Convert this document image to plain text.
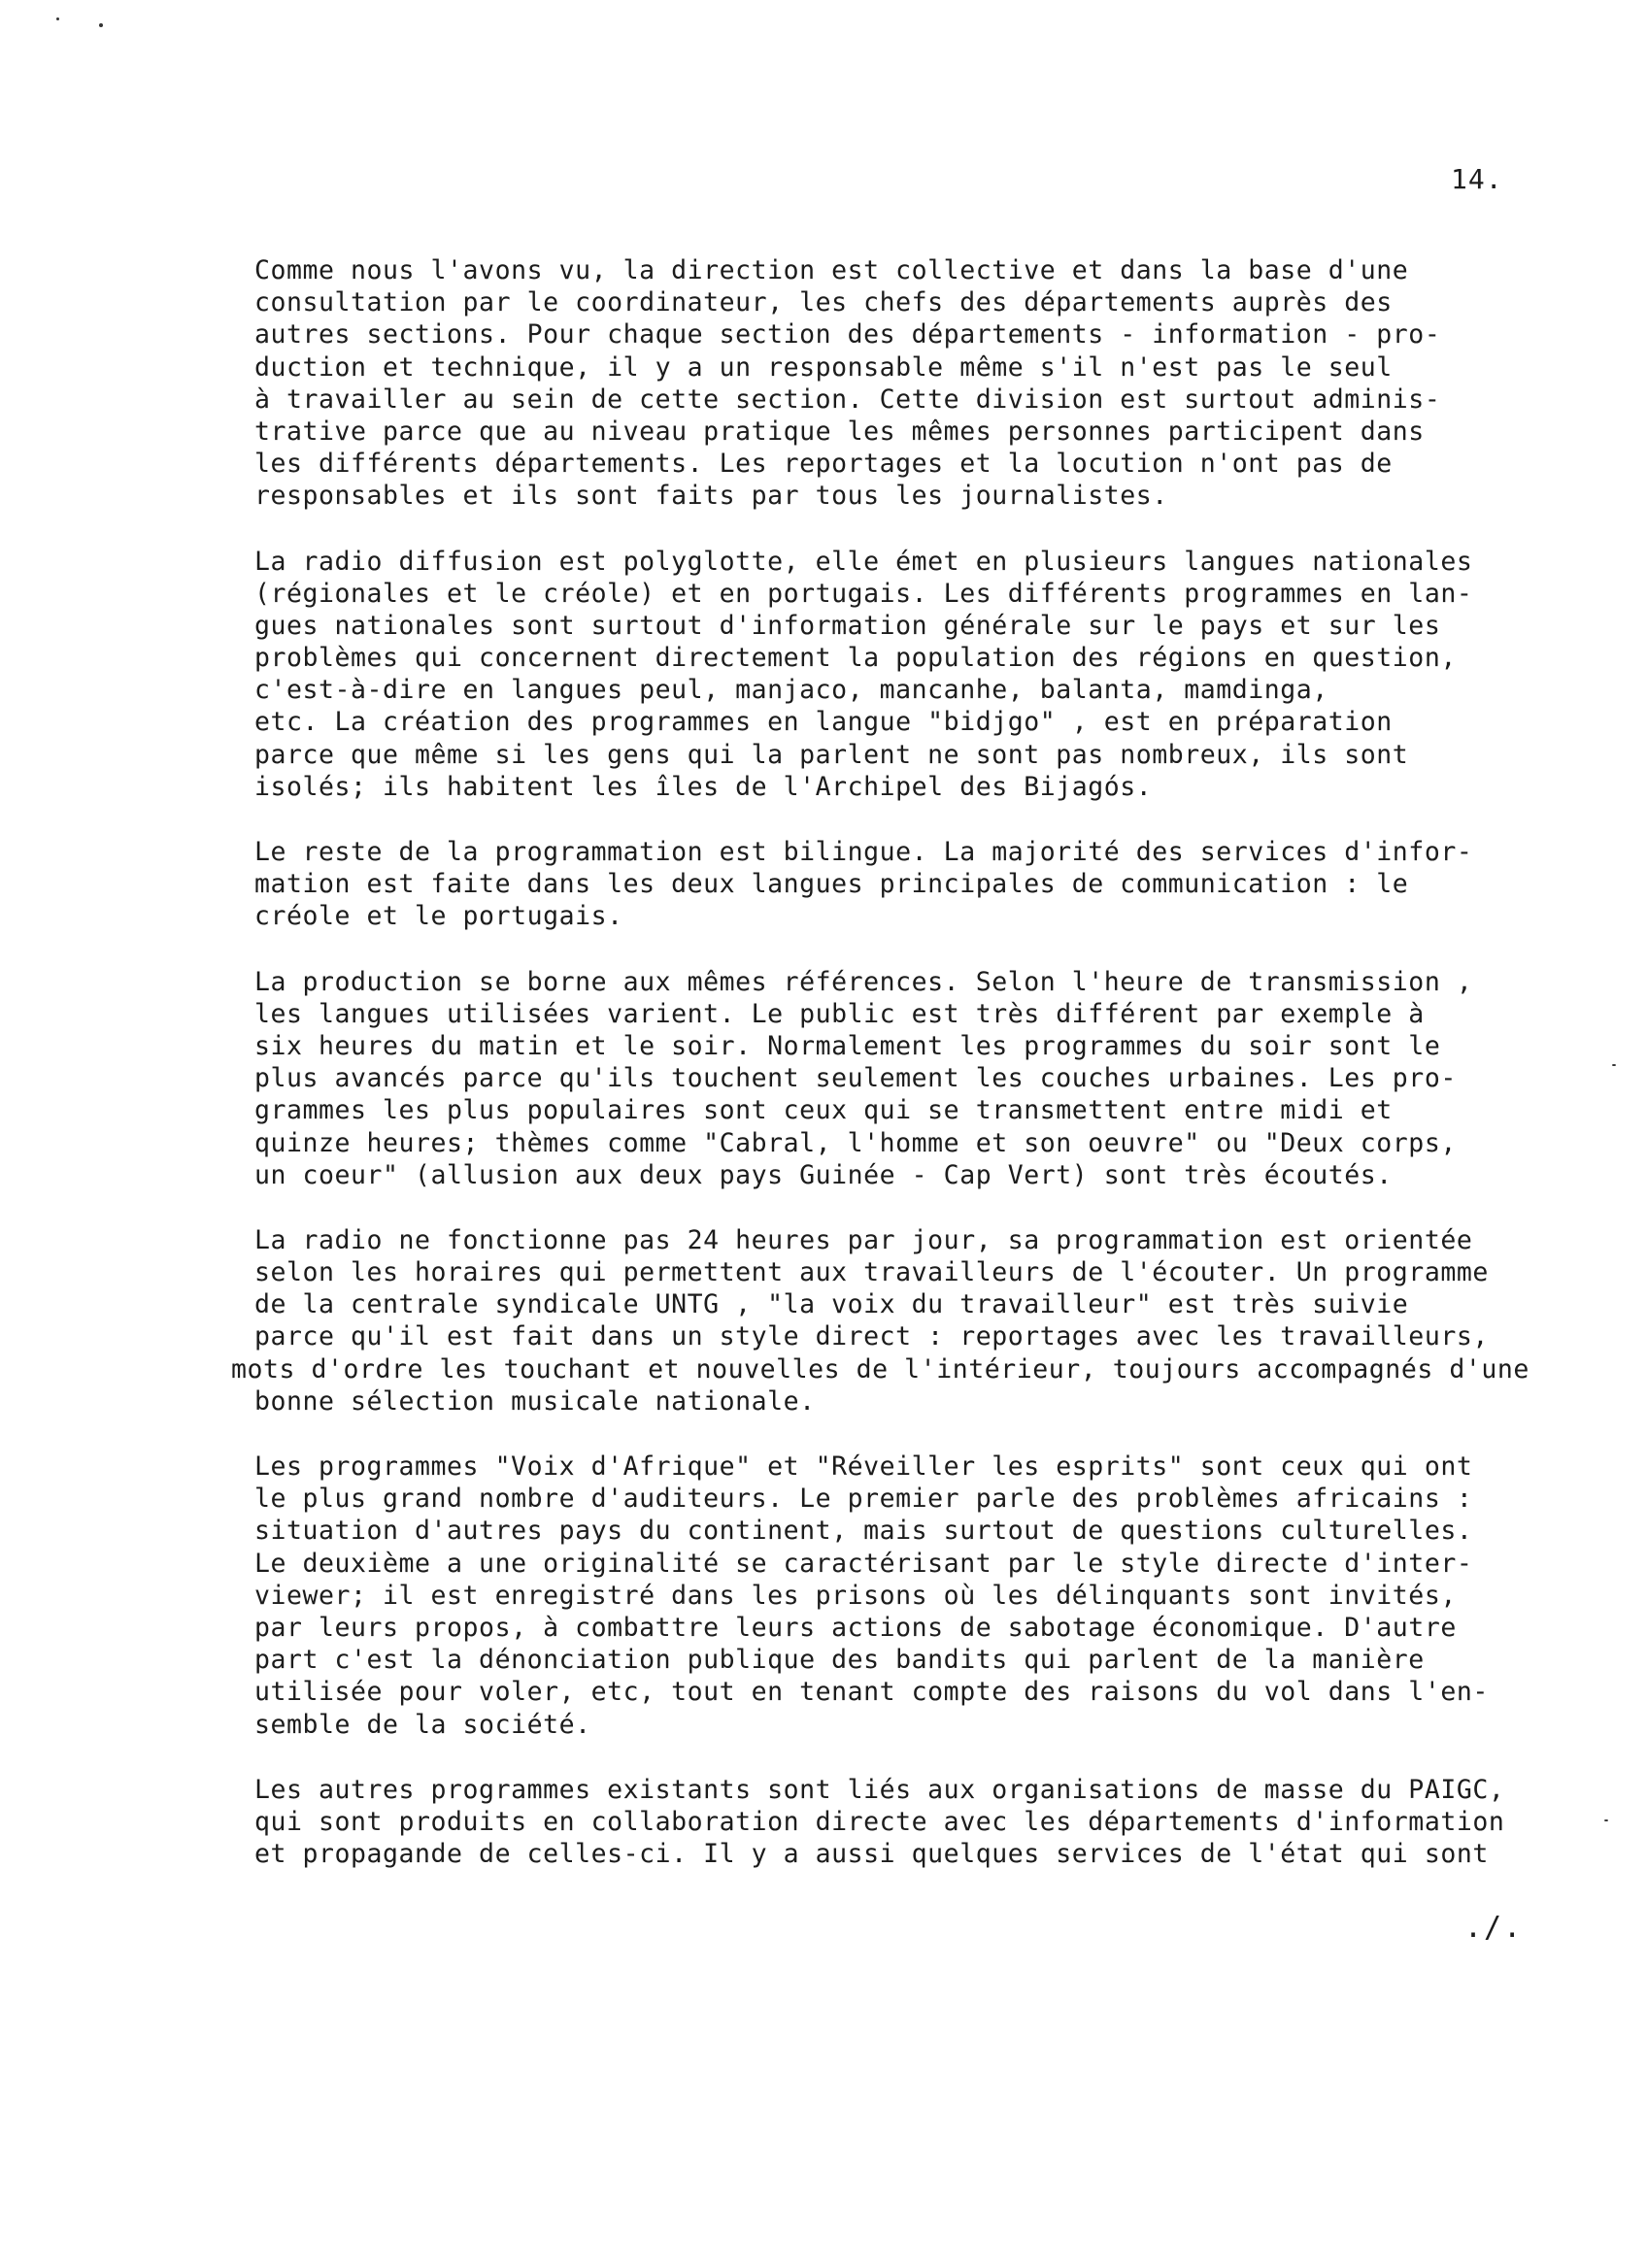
14.

Comme nous l'avons vu, la direction est collective et dans la base d'une
consultation par le coordinateur, les chefs des départements auprès des
autres sections. Pour chaque section des départements - information - pro-
duction et technique, il y a un responsable même s'il n'est pas le seul
à travailler au sein de cette section. Cette division est surtout adminis-
trative parce que au niveau pratique les mêmes personnes participent dans
les différents départements. Les reportages et la locution n'ont pas de
responsables et ils sont faits par tous les journalistes.

La radio diffusion est polyglotte, elle émet en plusieurs langues nationales
(régionales et le créole) et en portugais. Les différents programmes en lan-
gues nationales sont surtout d'information générale sur le pays et sur les
problèmes qui concernent directement la population des régions en question,
c'est-à-dire en langues peul, manjaco, mancanhe, balanta, mamdinga,
etc. La création des programmes en langue "bidjgo" , est en préparation
parce que même si les gens qui la parlent ne sont pas nombreux, ils sont
isolés; ils habitent les îles de l'Archipel des Bijagós.

Le reste de la programmation est bilingue. La majorité des services d'infor-
mation est faite dans les deux langues principales de communication : le
créole et le portugais.

La production se borne aux mêmes références. Selon l'heure de transmission ,
les langues utilisées varient. Le public est très différent par exemple à
six heures du matin et le soir. Normalement les programmes du soir sont le
plus avancés parce qu'ils touchent seulement les couches urbaines. Les pro-
grammes les plus populaires sont ceux qui se transmettent entre midi et
quinze heures; thèmes comme "Cabral, l'homme et son oeuvre" ou "Deux corps,
un coeur" (allusion aux deux pays Guinée - Cap Vert) sont très écoutés.

La radio ne fonctionne pas 24 heures par jour, sa programmation est orientée
selon les horaires qui permettent aux travailleurs de l'écouter. Un programme
de la centrale syndicale UNTG , "la voix du travailleur" est très suivie
parce qu'il est fait dans un style direct : reportages avec les travailleurs,
mots d'ordre les touchant et nouvelles de l'intérieur, toujours accompagnés d'une
bonne sélection musicale nationale.

Les programmes "Voix d'Afrique" et "Réveiller les esprits" sont ceux qui ont
le plus grand nombre d'auditeurs. Le premier parle des problèmes africains :
situation d'autres pays du continent, mais surtout de questions culturelles.
Le deuxième a une originalité se caractérisant par le style directe d'inter-
viewer; il est enregistré dans les prisons où les délinquants sont invités,
par leurs propos, à combattre leurs actions de sabotage économique. D'autre
part c'est la dénonciation publique des bandits qui parlent de la manière
utilisée pour voler, etc, tout en tenant compte des raisons du vol dans l'en-
semble de la société.

Les autres programmes existants sont liés aux organisations de masse du PAIGC,
qui sont produits en collaboration directe avec les départements d'information
et propagande de celles-ci. Il y a aussi quelques services de l'état qui sont

./.
